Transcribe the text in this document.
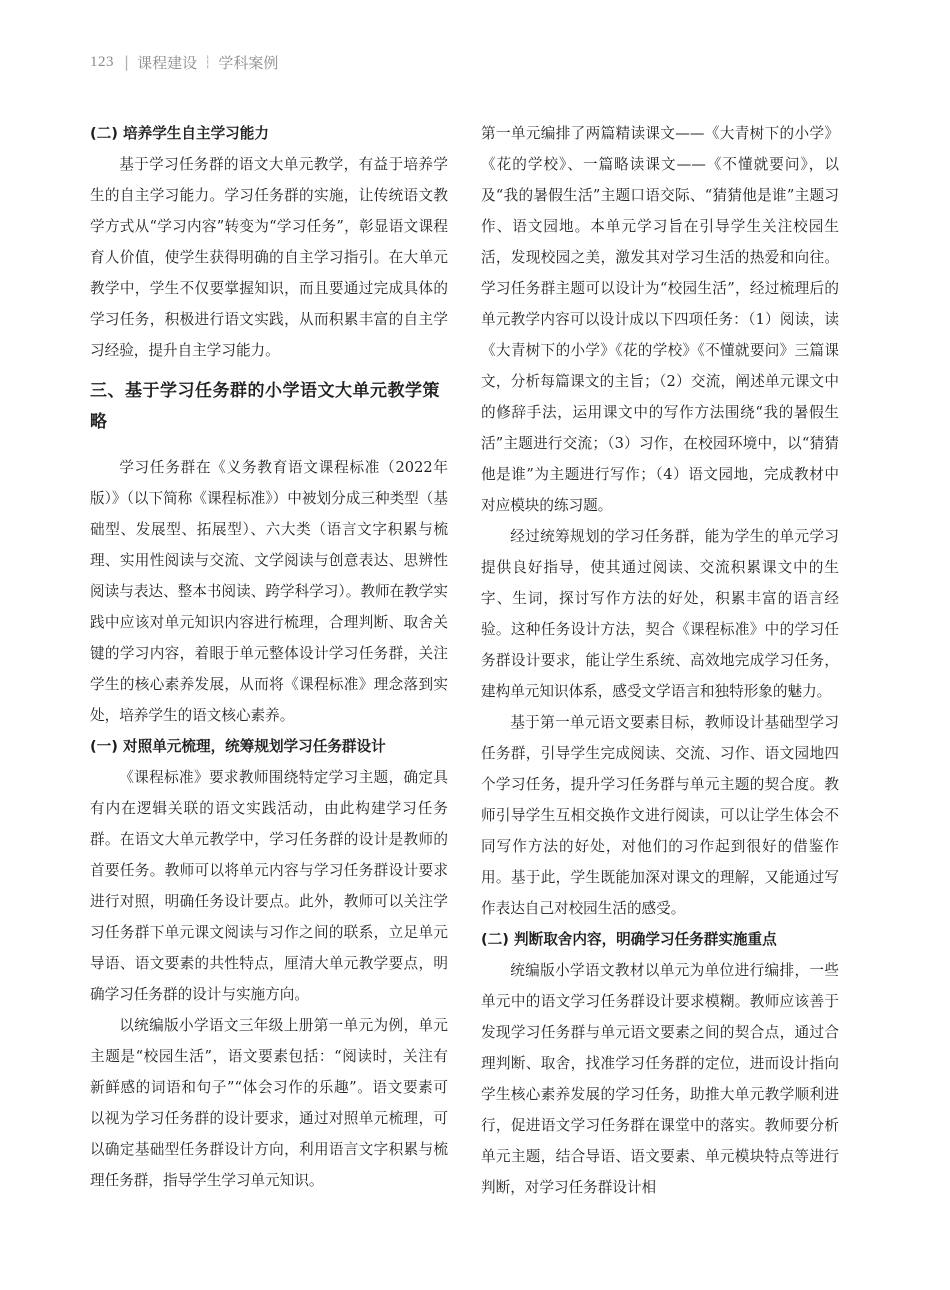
123 | 课程建设 ┆ 学科案例
(二) 培养学生自主学习能力

基于学习任务群的语文大单元教学，有益于培养学生的自主学习能力。学习任务群的实施，让传统语文教学方式从“学习内容”转变为“学习任务”，彰显语文课程育人价值，使学生获得明确的自主学习指引。在大单元教学中，学生不仅要掌握知识，而且要通过完成具体的学习任务，积极进行语文实践，从而积累丰富的自主学习经验，提升自主学习能力。

三、基于学习任务群的小学语文大单元教学策略

学习任务群在《义务教育语文课程标准（2022年版）》（以下简称《课程标准》）中被划分成三种类型（基础型、发展型、拓展型）、六大类（语言文字积累与梳理、实用性阅读与交流、文学阅读与创意表达、思辨性阅读与表达、整本书阅读、跨学科学习）。教师在教学实践中应该对单元知识内容进行梳理，合理判断、取舍关键的学习内容，着眼于单元整体设计学习任务群，关注学生的核心素养发展，从而将《课程标准》理念落到实处，培养学生的语文核心素养。

(一) 对照单元梳理，统筹规划学习任务群设计

《课程标准》要求教师围绕特定学习主题，确定具有内在逻辑关联的语文实践活动，由此构建学习任务群。在语文大单元教学中，学习任务群的设计是教师的首要任务。教师可以将单元内容与学习任务群设计要求进行对照，明确任务设计要点。此外，教师可以关注学习任务群下单元课文阅读与习作之间的联系，立足单元导语、语文要素的共性特点，厘清大单元教学要点，明确学习任务群的设计与实施方向。

以统编版小学语文三年级上册第一单元为例，单元主题是“校园生活”，语文要素包括：“阅读时，关注有新鲜感的词语和句子”“体会习作的乐趣”。语文要素可以视为学习任务群的设计要求，通过对照单元梳理，可以确定基础型任务群设计方向，利用语言文字积累与梳理任务群，指导学生学习单元知识。

第一单元编排了两篇精读课文——《大青树下的小学》《花的学校》、一篇略读课文——《不懂就要问》，以及“我的暑假生活”主题口语交际、“猜猜他是谁”主题习作、语文园地。本单元学习旨在引导学生关注校园生活，发现校园之美，激发其对学习生活的热爱和向往。学习任务群主题可以设计为“校园生活”，经过梳理后的单元教学内容可以设计成以下四项任务：（1）阅读，读《大青树下的小学》《花的学校》《不懂就要问》三篇课文，分析每篇课文的主旨；（2）交流，阐述单元课文中的修辞手法，运用课文中的写作方法围绕“我的暑假生活”主题进行交流；（3）习作，在校园环境中，以“猜猜他是谁”为主题进行写作；（4）语文园地，完成教材中对应模块的练习题。

经过统筹规划的学习任务群，能为学生的单元学习提供良好指导，使其通过阅读、交流积累课文中的生字、生词，探讨写作方法的好处，积累丰富的语言经验。这种任务设计方法，契合《课程标准》中的学习任务群设计要求，能让学生系统、高效地完成学习任务，建构单元知识体系，感受文学语言和独特形象的魅力。

基于第一单元语文要素目标，教师设计基础型学习任务群，引导学生完成阅读、交流、习作、语文园地四个学习任务，提升学习任务群与单元主题的契合度。教师引导学生互相交换作文进行阅读，可以让学生体会不同写作方法的好处，对他们的习作起到很好的借鉴作用。基于此，学生既能加深对课文的理解，又能通过写作表达自己对校园生活的感受。

(二) 判断取舍内容，明确学习任务群实施重点

统编版小学语文教材以单元为单位进行编排，一些单元中的语文学习任务群设计要求模糊。教师应该善于发现学习任务群与单元语文要素之间的契合点，通过合理判断、取舍，找准学习任务群的定位，进而设计指向学生核心素养发展的学习任务，助推大单元教学顺利进行，促进语文学习任务群在课堂中的落实。教师要分析单元主题，结合导语、语文要素、单元模块特点等进行判断，对学习任务群设计相
